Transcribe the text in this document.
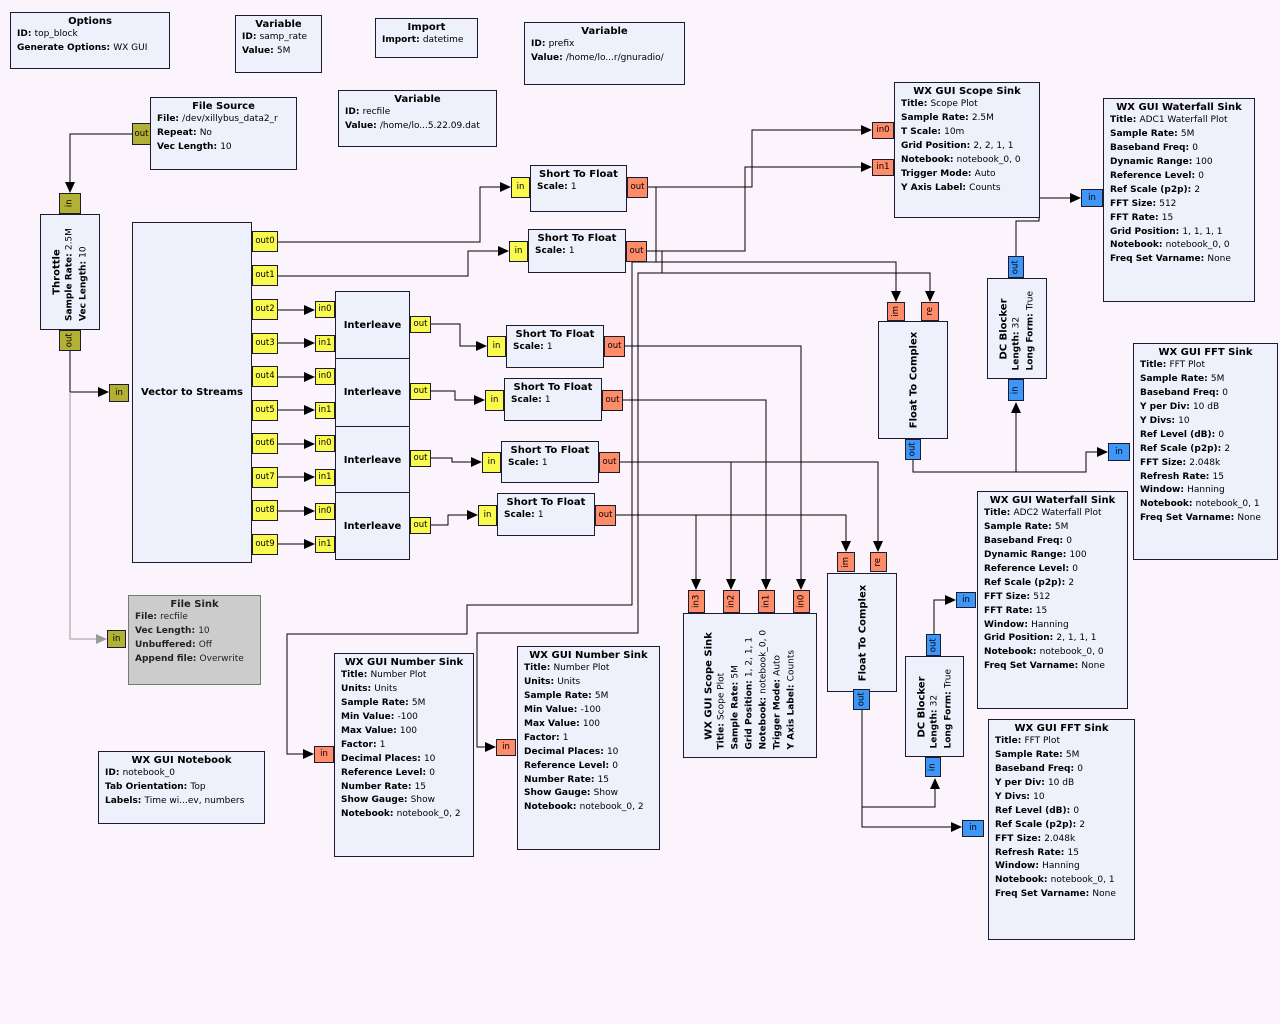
Options
ID: top_block
Generate Options: WX GUI
Variable
ID: samp_rate
Value: 5M
Import
Import: datetime
Variable
ID: prefix
Value: /home/lo...r/gnuradio/
File Source
File: /dev/xillybus_data2_r
Repeat: No
Vec Length: 10
out
Variable
ID: recfile
Value: /home/lo...5.22.09.dat
Throttle Sample Rate: 2.5M
Vec Length: 10
in
out
Vector to Streams
in
out0
out1
out2
out3
out4
out5
out6
out7
out8
out9
Interleave
in0
in1
out
Interleave
in0
in1
out
Interleave
in0
in1
out
Interleave
in0
in1
out
Short To Float
Scale: 1
in	out
Short To Float
Scale: 1
in	out
Short To Float
Scale: 1
in	out
Short To Float
Scale: 1
in	out
Short To Float
Scale: 1
in	out
Short To Float
Scale: 1
in	out
WX GUI Scope Sink
Title: Scope Plot
Sample Rate: 2.5M
T Scale: 10m
Grid Position: 2, 2, 1, 1
Notebook: notebook_0, 0
Trigger Mode: Auto
Y Axis Label: Counts
in0
in1
WX GUI Waterfall Sink
Title: ADC1 Waterfall Plot
Sample Rate: 5M
Baseband Freq: 0
Dynamic Range: 100
Reference Level: 0
Ref Scale (p2p): 2
FFT Size: 512
FFT Rate: 15
Grid Position: 1, 1, 1, 1
Notebook: notebook_0, 0
Freq Set Varname: None
in
DC Blocker Length: 32 Long Form: True
out
in
Float To Complex
im	re
out
WX GUI FFT Sink
Title: FFT Plot
Sample Rate: 5M
Baseband Freq: 0
Y per Div: 10 dB
Y Divs: 10
Ref Level (dB): 0
Ref Scale (p2p): 2
FFT Size: 2.048k
Refresh Rate: 15
Window: Hanning
Notebook: notebook_0, 1
Freq Set Varname: None
in
WX GUI Waterfall Sink
Title: ADC2 Waterfall Plot
Sample Rate: 5M
Baseband Freq: 0
Dynamic Range: 100
Reference Level: 0
Ref Scale (p2p): 2
FFT Size: 512
FFT Rate: 15
Window: Hanning
Grid Position: 2, 1, 1, 1
Notebook: notebook_0, 0
Freq Set Varname: None
in
WX GUI FFT Sink
Title: FFT Plot
Sample Rate: 5M
Baseband Freq: 0
Y per Div: 10 dB
Y Divs: 10
Ref Level (dB): 0
Ref Scale (p2p): 2
FFT Size: 2.048k
Refresh Rate: 15
Window: Hanning
Notebook: notebook_0, 1
Freq Set Varname: None
in
File Sink
File: recfile
Vec Length: 10
Unbuffered: Off
Append file: Overwrite
in
WX GUI Notebook
ID: notebook_0
Tab Orientation: Top
Labels: Time wi...ev, numbers
WX GUI Number Sink
Title: Number Plot
Units: Units
Sample Rate: 5M
Min Value: -100
Max Value: 100
Factor: 1
Decimal Places: 10
Reference Level: 0
Number Rate: 15
Show Gauge: Show
Notebook: notebook_0, 2
in
WX GUI Number Sink
Title: Number Plot
Units: Units
Sample Rate: 5M
Min Value: -100
Max Value: 100
Factor: 1
Decimal Places: 10
Reference Level: 0
Number Rate: 15
Show Gauge: Show
Notebook: notebook_0, 2
in
WX GUI Scope Sink Title: Scope Plot Sample Rate: 5M
Grid Position: 1, 2, 1, 1
Notebook: notebook_0, 0
Trigger Mode: Auto
Y Axis Label: Counts
in3	in2	in1	in0	Float To Complex
im	re
out	DC Blocker Length: 32 Long Form: True
out
in
